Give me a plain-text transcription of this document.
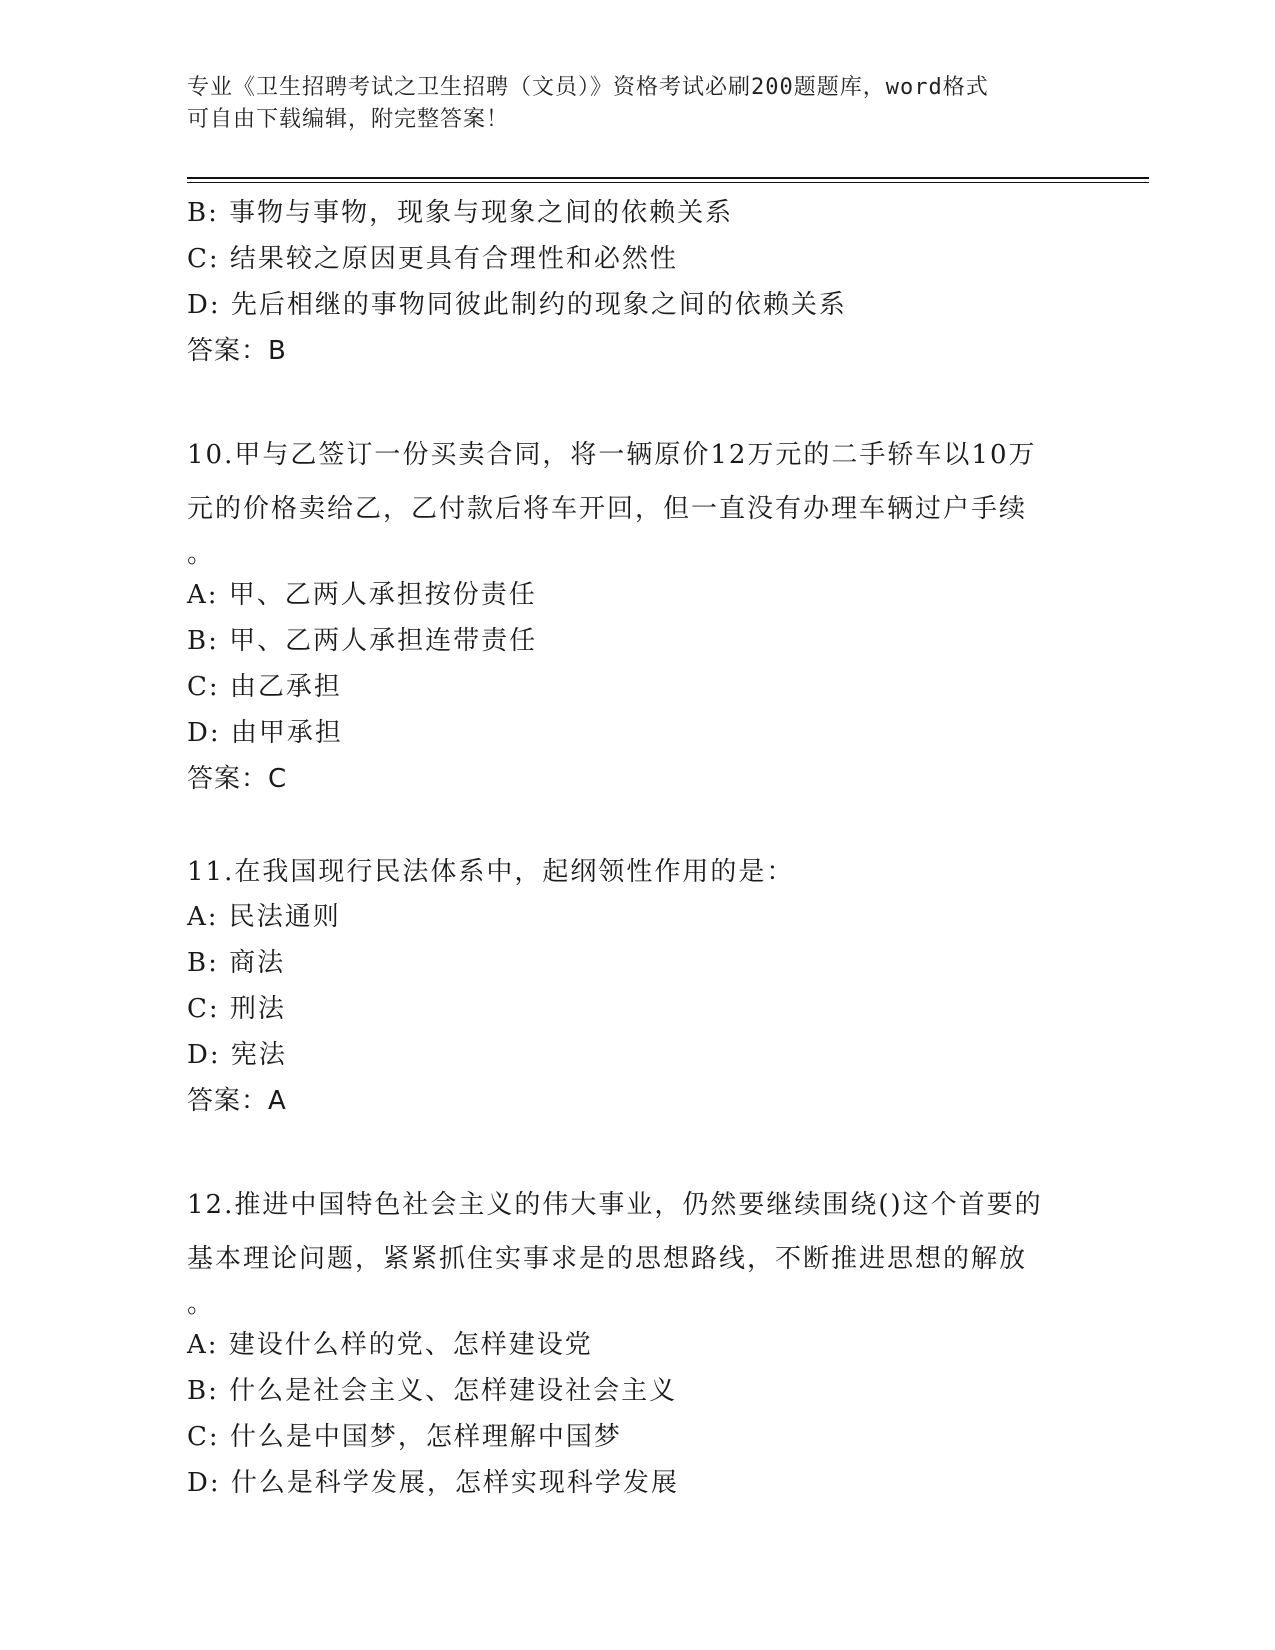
专业《卫生招聘考试之卫生招聘（文员）》资格考试必刷200题题库，word格式
可自由下载编辑，附完整答案！
B: 事物与事物，现象与现象之间的依赖关系
C: 结果较之原因更具有合理性和必然性
D: 先后相继的事物同彼此制约的现象之间的依赖关系
答案：B
10.甲与乙签订一份买卖合同，将一辆原价12万元的二手轿车以10万
元的价格卖给乙，乙付款后将车开回，但一直没有办理车辆过户手续
。
A: 甲、乙两人承担按份责任
B: 甲、乙两人承担连带责任
C: 由乙承担
D: 由甲承担
答案：C
11.在我国现行民法体系中，起纲领性作用的是：
A: 民法通则
B: 商法
C: 刑法
D: 宪法
答案：A
12.推进中国特色社会主义的伟大事业，仍然要继续围绕()这个首要的
基本理论问题，紧紧抓住实事求是的思想路线，不断推进思想的解放
。
A: 建设什么样的党、怎样建设党
B: 什么是社会主义、怎样建设社会主义
C: 什么是中国梦，怎样理解中国梦
D: 什么是科学发展，怎样实现科学发展
